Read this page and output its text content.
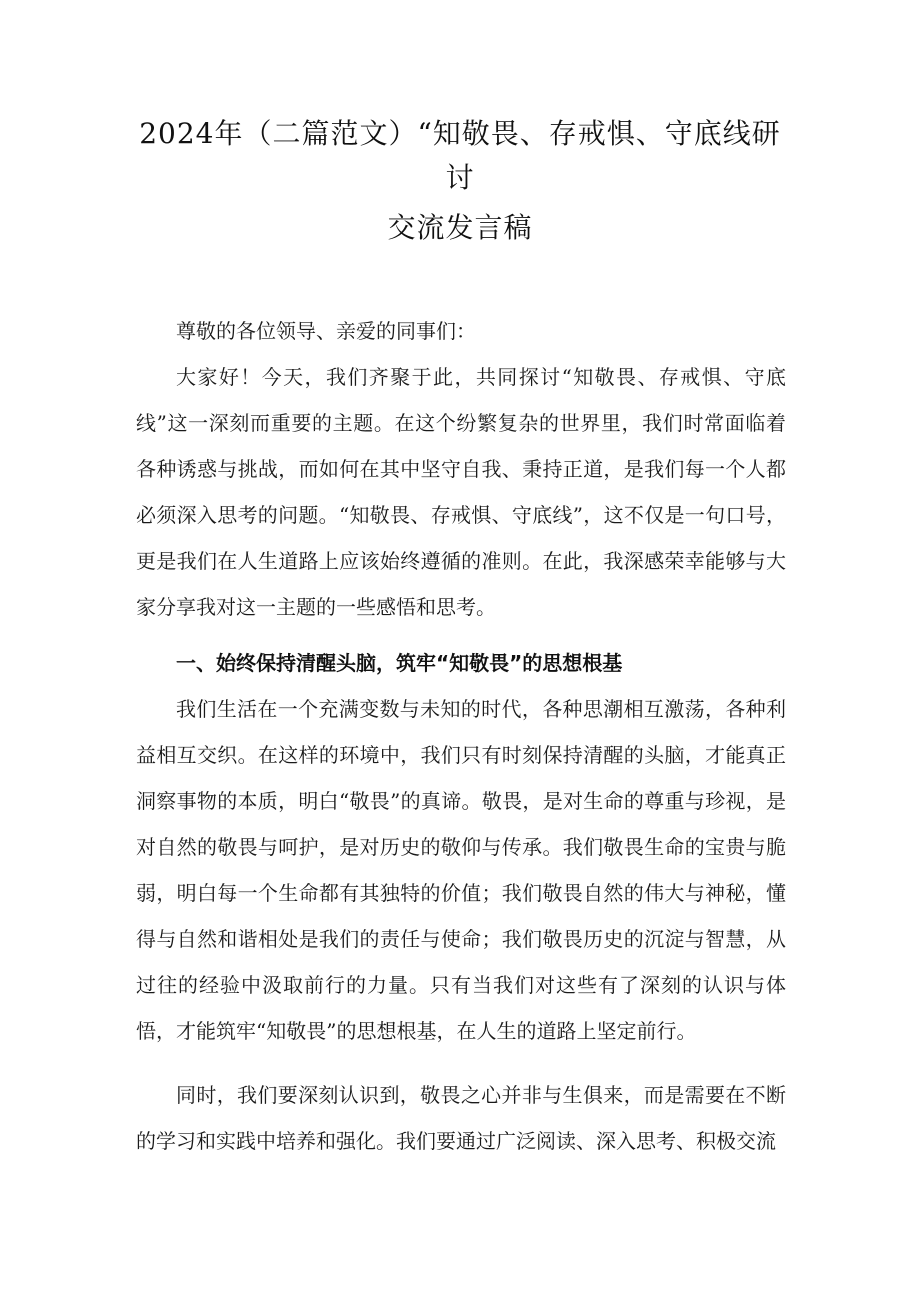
2024年（二篇范文）“知敬畏、存戒惧、守底线研
讨
交流发言稿

尊敬的各位领导、亲爱的同事们：

大家好！今天，我们齐聚于此，共同探讨“知敬畏、存戒惧、守底线”这一深刻而重要的主题。在这个纷繁复杂的世界里，我们时常面临着各种诱惑与挑战，而如何在其中坚守自我、秉持正道，是我们每一个人都必须深入思考的问题。“知敬畏、存戒惧、守底线”，这不仅是一句口号，更是我们在人生道路上应该始终遵循的准则。在此，我深感荣幸能够与大家分享我对这一主题的一些感悟和思考。

一、始终保持清醒头脑，筑牢“知敬畏”的思想根基

我们生活在一个充满变数与未知的时代，各种思潮相互激荡，各种利益相互交织。在这样的环境中，我们只有时刻保持清醒的头脑，才能真正洞察事物的本质，明白“敬畏”的真谛。敬畏，是对生命的尊重与珍视，是对自然的敬畏与呵护，是对历史的敬仰与传承。我们敬畏生命的宝贵与脆弱，明白每一个生命都有其独特的价值；我们敬畏自然的伟大与神秘，懂得与自然和谐相处是我们的责任与使命；我们敬畏历史的沉淀与智慧，从过往的经验中汲取前行的力量。只有当我们对这些有了深刻的认识与体悟，才能筑牢“知敬畏”的思想根基，在人生的道路上坚定前行。

同时，我们要深刻认识到，敬畏之心并非与生俱来，而是需要在不断的学习和实践中培养和强化。我们要通过广泛阅读、深入思考、积极交流
